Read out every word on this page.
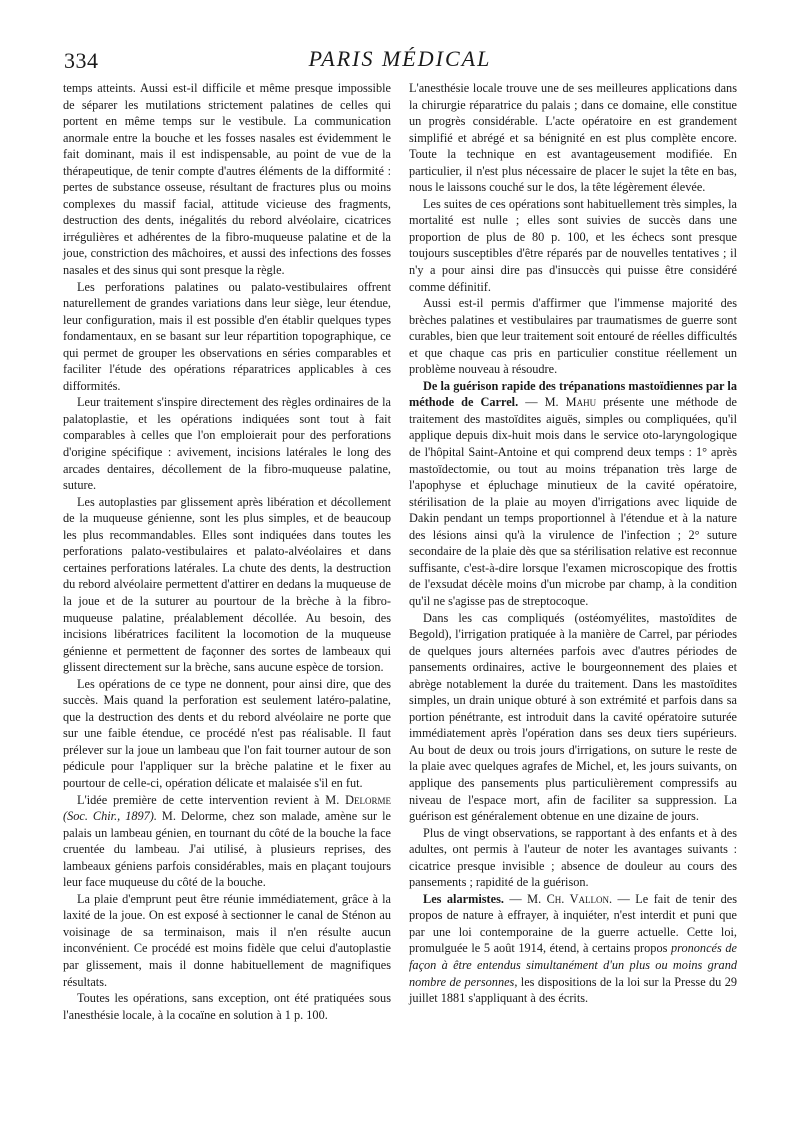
334	PARIS MÉDICAL

temps atteints. Aussi est-il difficile et même presque impossible de séparer les mutilations strictement palatines de celles qui portent en même temps sur le vestibule. La communication anormale entre la bouche et les fosses nasales est évidemment le fait dominant, mais il est indispensable, au point de vue de la thérapeutique, de tenir compte d'autres éléments de la difformité : pertes de substance osseuse, résultant de fractures plus ou moins complexes du massif facial, attitude vicieuse des fragments, destruction des dents, inégalités du rebord alvéolaire, cicatrices irrégulières et adhérentes de la fibro-muqueuse palatine et de la joue, constriction des mâchoires, et aussi des infections des fosses nasales et des sinus qui sont presque la règle.

Les perforations palatines ou palato-vestibulaires offrent naturellement de grandes variations dans leur siège, leur étendue, leur configuration, mais il est possible d'en établir quelques types fondamentaux, en se basant sur leur répartition topographique, ce qui permet de grouper les observations en séries comparables et faciliter l'étude des opérations réparatrices applicables à ces difformités.

Leur traitement s'inspire directement des règles ordinaires de la palatoplastie, et les opérations indiquées sont tout à fait comparables à celles que l'on emploierait pour des perforations d'origine spécifique : avivement, incisions latérales le long des arcades dentaires, décollement de la fibro-muqueuse palatine, suture.

Les autoplasties par glissement après libération et décollement de la muqueuse génienne, sont les plus simples, et de beaucoup les plus recommandables. Elles sont indiquées dans toutes les perforations palato-vestibulaires et palato-alvéolaires et dans certaines perforations latérales. La chute des dents, la destruction du rebord alvéolaire permettent d'attirer en dedans la muqueuse de la joue et de la suturer au pourtour de la brèche à la fibro-muqueuse palatine, préalablement décollée. Au besoin, des incisions libératrices facilitent la locomotion de la muqueuse génienne et permettent de façonner des sortes de lambeaux qui glissent directement sur la brèche, sans aucune espèce de torsion.

Les opérations de ce type ne donnent, pour ainsi dire, que des succès. Mais quand la perforation est seulement latéro-palatine, que la destruction des dents et du rebord alvéolaire ne porte que sur une faible étendue, ce procédé n'est pas réalisable. Il faut prélever sur la joue un lambeau que l'on fait tourner autour de son pédicule pour l'appliquer sur la brèche palatine et le fixer au pourtour de celle-ci, opération délicate et malaisée s'il en fut.

L'idée première de cette intervention revient à M. Delorme (Soc. Chir., 1897). M. Delorme, chez son malade, amène sur le palais un lambeau génien, en tournant du côté de la bouche la face cruentée du lambeau. J'ai utilisé, à plusieurs reprises, des lambeaux géniens parfois considérables, mais en plaçant toujours leur face muqueuse du côté de la bouche.

La plaie d'emprunt peut être réunie immédiatement, grâce à la laxité de la joue. On est exposé à sectionner le canal de Sténon au voisinage de sa terminaison, mais il n'en résulte aucun inconvénient. Ce procédé est moins fidèle que celui d'autoplastie par glissement, mais il donne habituellement de magnifiques résultats.

Toutes les opérations, sans exception, ont été pratiquées sous l'anesthésie locale, à la cocaïne en solution à 1 p. 100.

L'anesthésie locale trouve une de ses meilleures applications dans la chirurgie réparatrice du palais ; dans ce domaine, elle constitue un progrès considérable. L'acte opératoire en est grandement simplifié et abrégé et sa bénignité en est plus complète encore. Toute la technique en est avantageusement modifiée. En particulier, il n'est plus nécessaire de placer le sujet la tête en bas, nous le laissons couché sur le dos, la tête légèrement élevée.

Les suites de ces opérations sont habituellement très simples, la mortalité est nulle ; elles sont suivies de succès dans une proportion de plus de 80 p. 100, et les échecs sont presque toujours susceptibles d'être réparés par de nouvelles tentatives ; il n'y a pour ainsi dire pas d'insuccès qui puisse être considéré comme définitif.

Aussi est-il permis d'affirmer que l'immense majorité des brèches palatines et vestibulaires par traumatismes de guerre sont curables, bien que leur traitement soit entouré de réelles difficultés et que chaque cas pris en particulier constitue réellement un problème nouveau à résoudre.

De la guérison rapide des trépanations mastoïdiennes par la méthode de Carrel. — M. Mahu présente une méthode de traitement des mastoïdites aiguës, simples ou compliquées, qu'il applique depuis dix-huit mois dans le service oto-laryngologique de l'hôpital Saint-Antoine et qui comprend deux temps : 1° après mastoïdectomie, ou tout au moins trépanation très large de l'apophyse et épluchage minutieux de la cavité opératoire, stérilisation de la plaie au moyen d'irrigations avec liquide de Dakin pendant un temps proportionnel à l'étendue et à la nature des lésions ainsi qu'à la virulence de l'infection ; 2° suture secondaire de la plaie dès que sa stérilisation relative est reconnue suffisante, c'est-à-dire lorsque l'examen microscopique des frottis de l'exsudat décèle moins d'un microbe par champ, à la condition qu'il ne s'agisse pas de streptocoque.

Dans les cas compliqués (ostéomyélites, mastoïdites de Begold), l'irrigation pratiquée à la manière de Carrel, par périodes de quelques jours alternées parfois avec d'autres périodes de pansements ordinaires, active le bourgeonnement des plaies et abrège notablement la durée du traitement. Dans les mastoïdites simples, un drain unique obturé à son extrémité et parfois dans sa portion pénétrante, est introduit dans la cavité opératoire suturée immédiatement après l'opération dans ses deux tiers supérieurs. Au bout de deux ou trois jours d'irrigations, on suture le reste de la plaie avec quelques agrafes de Michel, et, les jours suivants, on applique des pansements plus particulièrement compressifs au niveau de l'espace mort, afin de faciliter sa suppression. La guérison est généralement obtenue en une dizaine de jours.

Plus de vingt observations, se rapportant à des enfants et à des adultes, ont permis à l'auteur de noter les avantages suivants : cicatrice presque invisible ; absence de douleur au cours des pansements ; rapidité de la guérison.

Les alarmistes. — M. Ch. Vallon. — Le fait de tenir des propos de nature à effrayer, à inquiéter, n'est interdit et puni que par une loi contemporaine de la guerre actuelle. Cette loi, promulguée le 5 août 1914, étend, à certains propos prononcés de façon à être entendus simultanément d'un plus ou moins grand nombre de personnes, les dispositions de la loi sur la Presse du 29 juillet 1881 s'appliquant à des écrits.
